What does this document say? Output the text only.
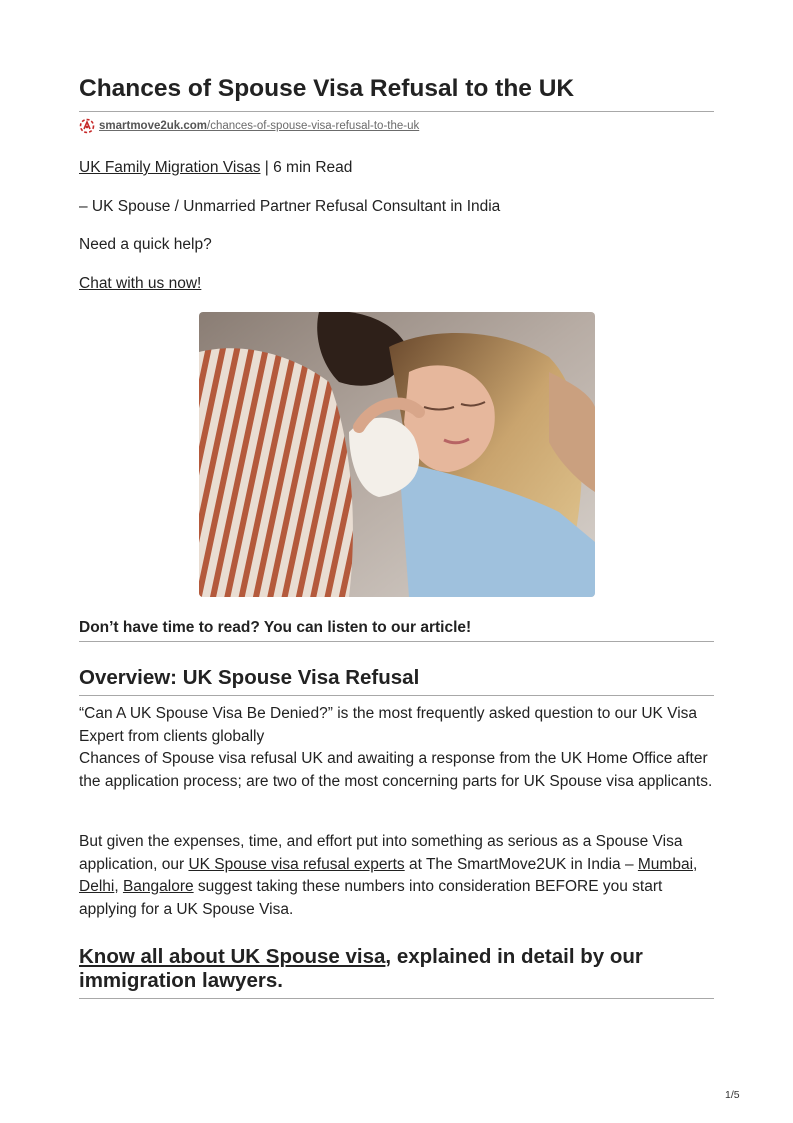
Chances of Spouse Visa Refusal to the UK
smartmove2uk.com/chances-of-spouse-visa-refusal-to-the-uk

UK Family Migration Visas | 6 min Read

– UK Spouse / Unmarried Partner Refusal Consultant in India

Need a quick help?

Chat with us now!

Don’t have time to read? You can listen to our article!
Overview: UK Spouse Visa Refusal

“Can A UK Spouse Visa Be Denied?” is the most frequently asked question to our UK Visa Expert from clients globally
Chances of Spouse visa refusal UK and awaiting a response from the UK Home Office after the application process; are two of the most concerning parts for UK Spouse visa applicants.

But given the expenses, time, and effort put into something as serious as a Spouse Visa application, our UK Spouse visa refusal experts at The SmartMove2UK in India – Mumbai, Delhi, Bangalore suggest taking these numbers into consideration BEFORE you start applying for a UK Spouse Visa.

Know all about UK Spouse visa, explained in detail by our immigration lawyers.
1/5
